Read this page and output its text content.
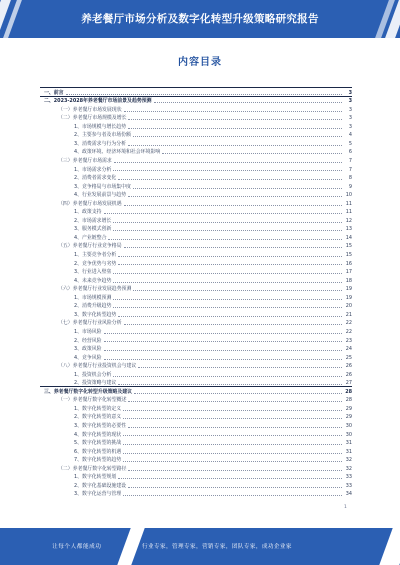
养老餐厅市场分析及数字化转型升级策略研究报告
内容目录
一、前言	3
二、2023-2028年养老餐厅市场前景及趋势预测	3
（一）养老餐厅市场发展现状	3
（二）养老餐厅市场规模及增长	3
1、市场规模与增长趋势	3
2、主要参与者及市场份额	4
3、消费需求与行为分析	5
4、政策环境、经济环境和社会环境影响	6
（三）养老餐厅市场需求	7
1、市场需求分析	7
2、消费者需求变化	8
3、竞争格局与市场集中度	9
4、行业发展前景与趋势	10
（四）养老餐厅市场发展机遇	11
1、政策支持	11
2、市场需求增长	12
3、服务模式创新	13
4、产业链整合	14
（五）养老餐厅行业竞争格局	15
1、主要竞争者分析	15
2、竞争优势与劣势	16
3、行业进入壁垒	17
4、未来竞争趋势	18
（六）养老餐厅行业发展趋势预测	19
1、市场规模预测	19
2、消费升级趋势	20
3、数字化转型趋势	21
（七）养老餐厅行业风险分析	22
1、市场风险	22
2、经营风险	23
3、政策风险	24
4、竞争风险	25
（八）养老餐厅行业投资机会与建议	26
1、投资机会分析	26
2、投资策略与建议	27
三、养老餐厅数字化转型升级策略及建议	28
（一）养老餐厅数字化转型概述	28
1、数字化转型的定义	29
2、数字化转型的意义	29
3、数字化转型的必要性	30
4、数字化转型的现状	30
5、数字化转型的挑战	31
6、数字化转型的机遇	31
7、数字化转型的趋势	32
（二）养老餐厅数字化转型路径	32
1、数字化转型规划	33
2、数字化基础设施建设	33
3、数字化运营与管理	34
1
让每个人都能成功	行业专家，管理专家，营销专家，团队专家，成功企业家
